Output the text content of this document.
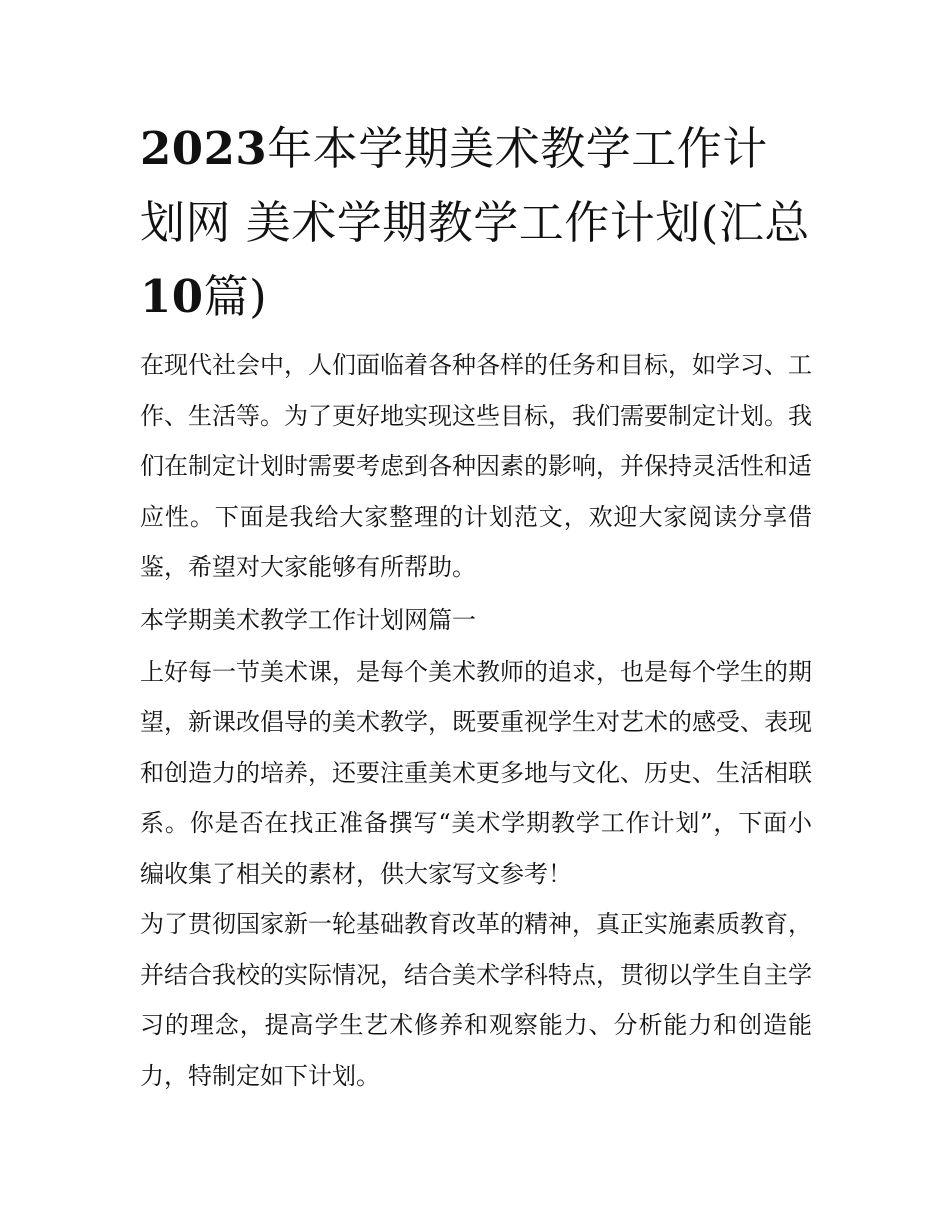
2023年本学期美术教学工作计划网 美术学期教学工作计划(汇总10篇)

在现代社会中，人们面临着各种各样的任务和目标，如学习、工作、生活等。为了更好地实现这些目标，我们需要制定计划。我们在制定计划时需要考虑到各种因素的影响，并保持灵活性和适应性。下面是我给大家整理的计划范文，欢迎大家阅读分享借鉴，希望对大家能够有所帮助。

本学期美术教学工作计划网篇一

上好每一节美术课，是每个美术教师的追求，也是每个学生的期望，新课改倡导的美术教学，既要重视学生对艺术的感受、表现和创造力的培养，还要注重美术更多地与文化、历史、生活相联系。你是否在找正准备撰写“美术学期教学工作计划”，下面小编收集了相关的素材，供大家写文参考！

为了贯彻国家新一轮基础教育改革的精神，真正实施素质教育，并结合我校的实际情况，结合美术学科特点，贯彻以学生自主学习的理念，提高学生艺术修养和观察能力、分析能力和创造能力，特制定如下计划。
